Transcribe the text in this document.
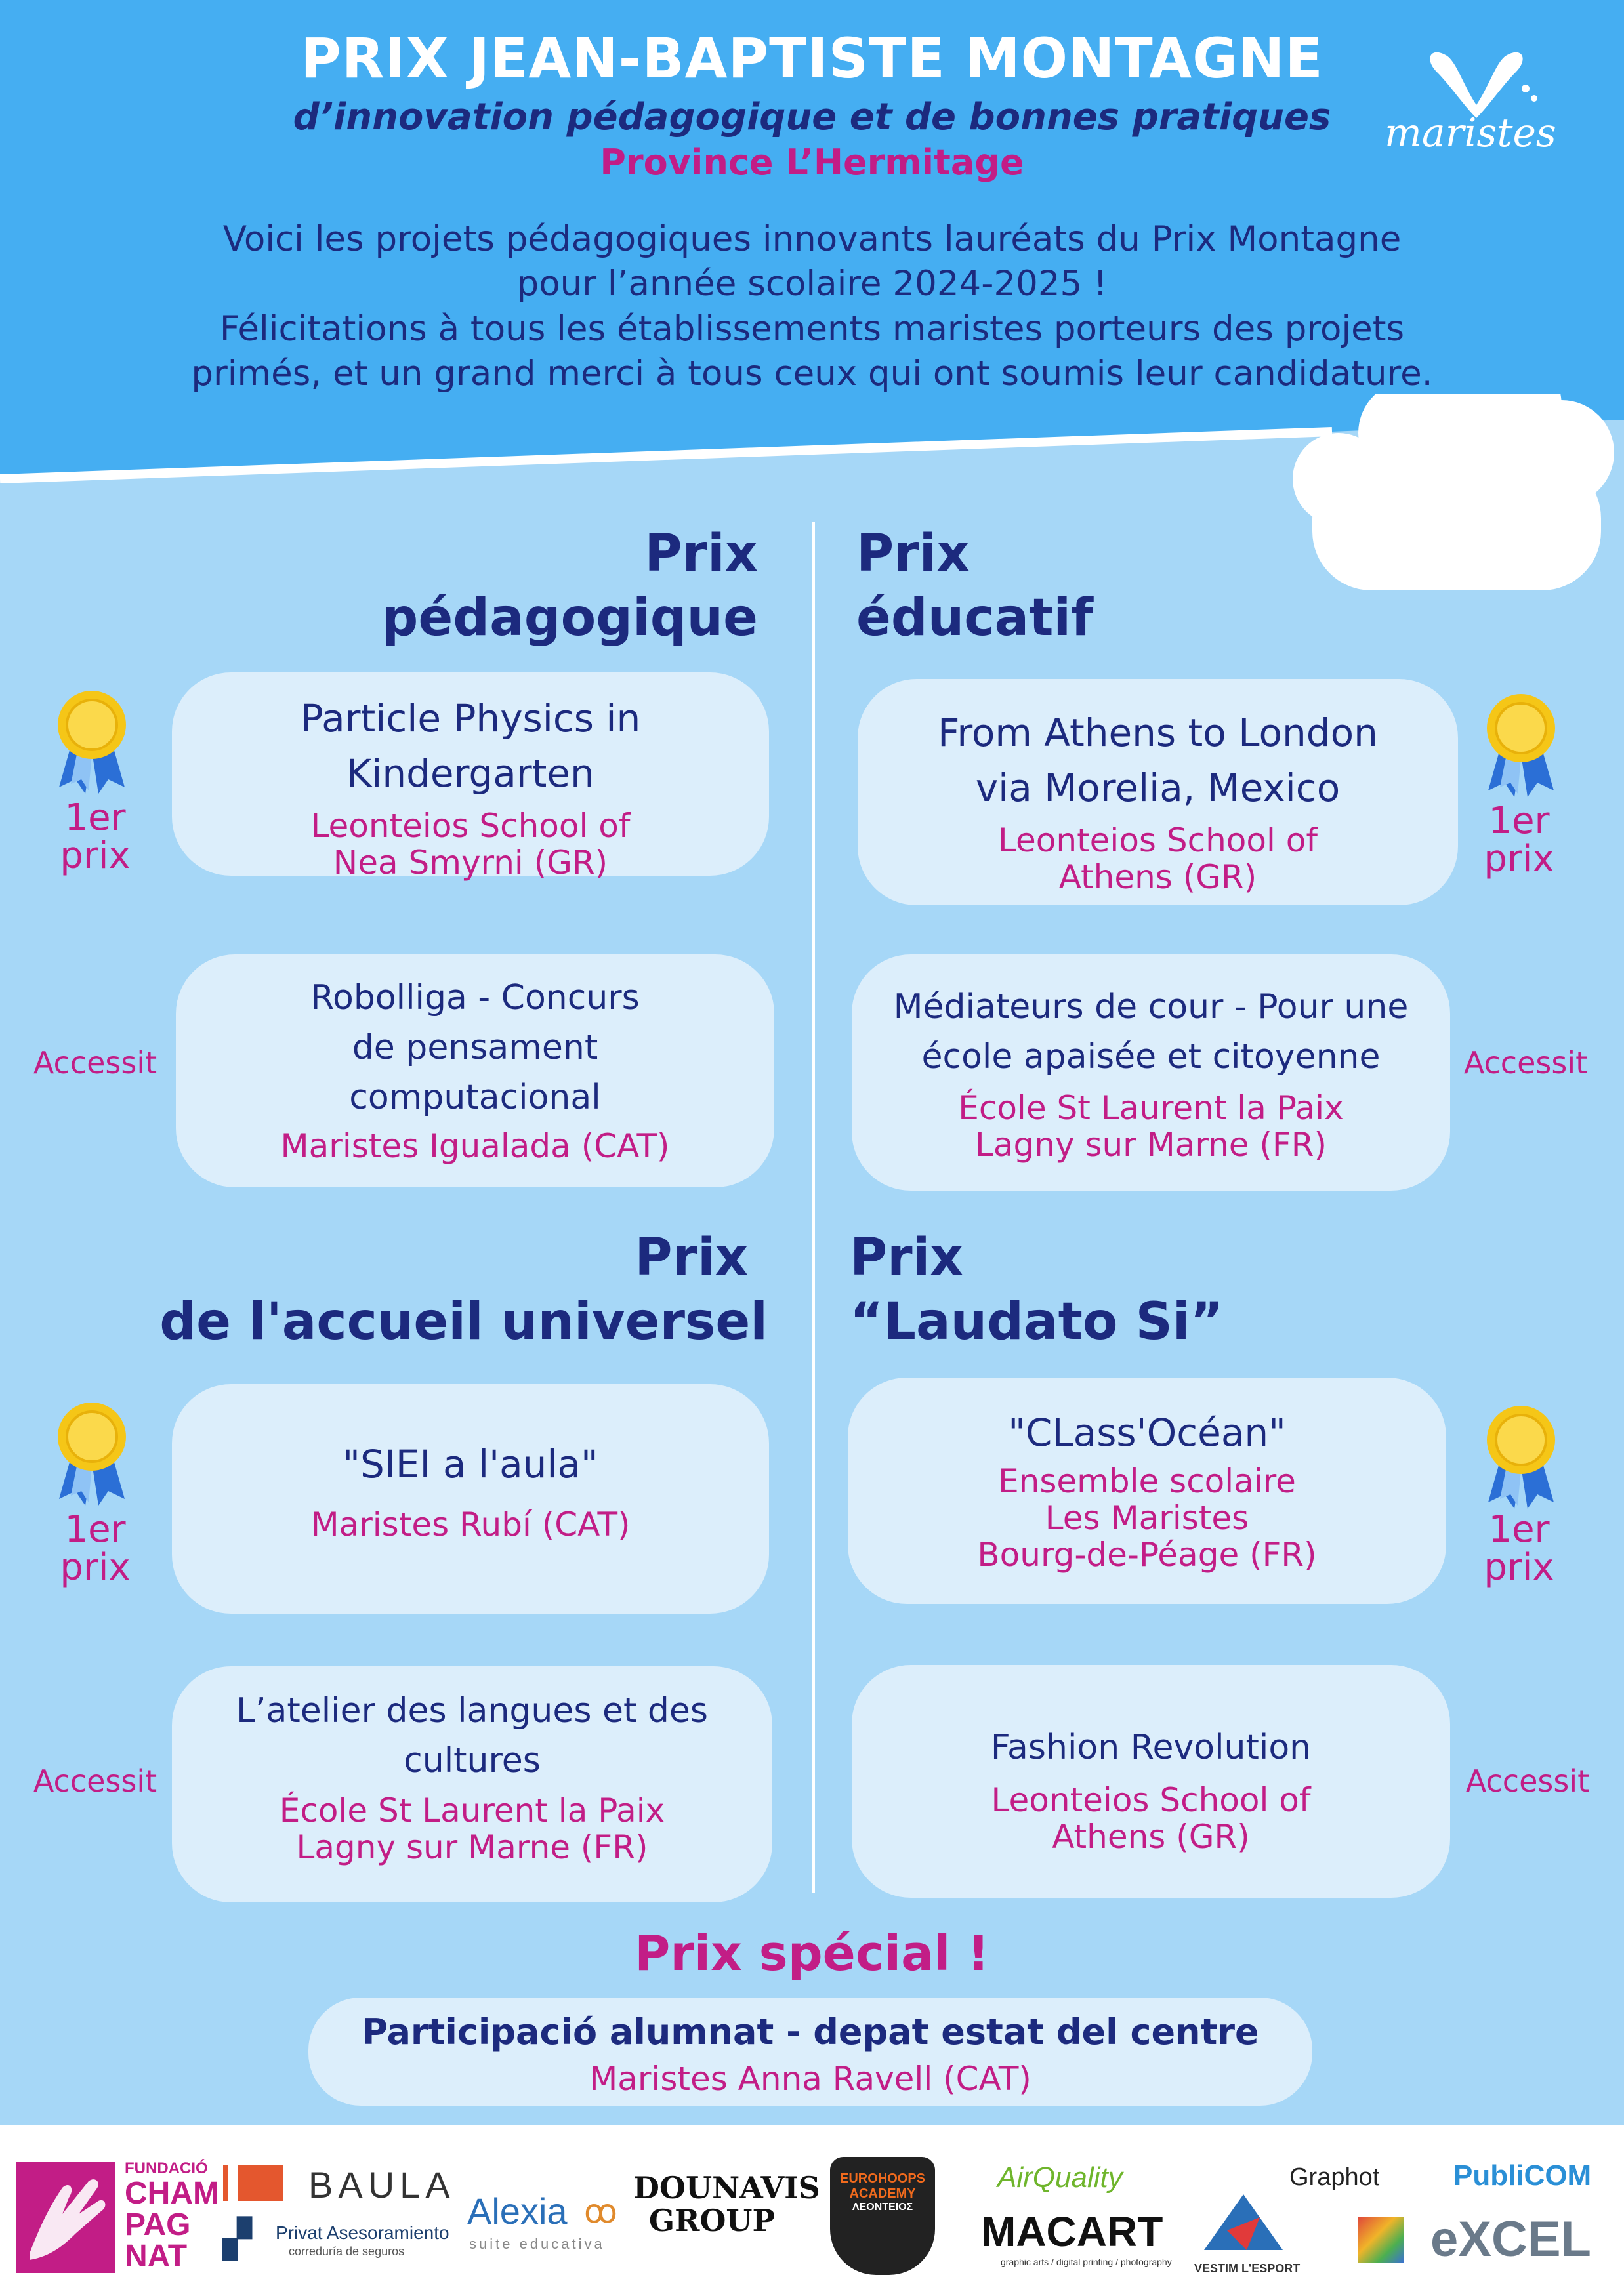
PRIX JEAN-BAPTISTE MONTAGNE
d’innovation pédagogique et de bonnes pratiques
Province L’Hermitage
Voici les projets pédagogiques innovants lauréats du Prix Montagne
pour l’année scolaire 2024-2025 !
Félicitations à tous les établissements maristes porteurs des projets
primés, et un grand merci à tous ceux qui ont soumis leur candidature.
maristes
Prix
pédagogique
Prix
éducatif
Prix
de l'accueil universel
Prix
“Laudato Si”
1er
prix
Particle Physics in
Kindergarten
Leonteios School of
Nea Smyrni (GR)
Accessit
Robolliga - Concurs
de pensament
computacional
Maristes Igualada (CAT)
From Athens to London
via Morelia, Mexico
Leonteios School of
Athens (GR)
1er
prix
Médiateurs de cour - Pour une
école apaisée et citoyenne
École St Laurent la Paix
Lagny sur Marne (FR)
Accessit
1er
prix
"SIEI a l'aula"
Maristes Rubí (CAT)
Accessit
L’atelier des langues et des
cultures
École St Laurent la Paix
Lagny sur Marne (FR)
"CLass'Océan"
Ensemble scolaire
Les Maristes
Bourg-de-Péage (FR)
1er
prix
Fashion Revolution
Leonteios School of
Athens (GR)
Accessit
Prix spécial !
Participació alumnat - depat estat del centre
Maristes Anna Ravell (CAT)
FUNDACIÓ
CHAM
PAG
NAT
BAULA
▞	Privat Asesoramiento
correduría de seguros
Alexia ꝏ
suite educativa
DOUNAVIS
GROUP
EUROHOOPS
ACADEMY
ΛΕΟΝΤΕΙΟΣ
AirQuality
MACART
graphic arts / digital printing / photography VESTIM L'ESPORT
Graphot
eXCEL
PubliCOM
